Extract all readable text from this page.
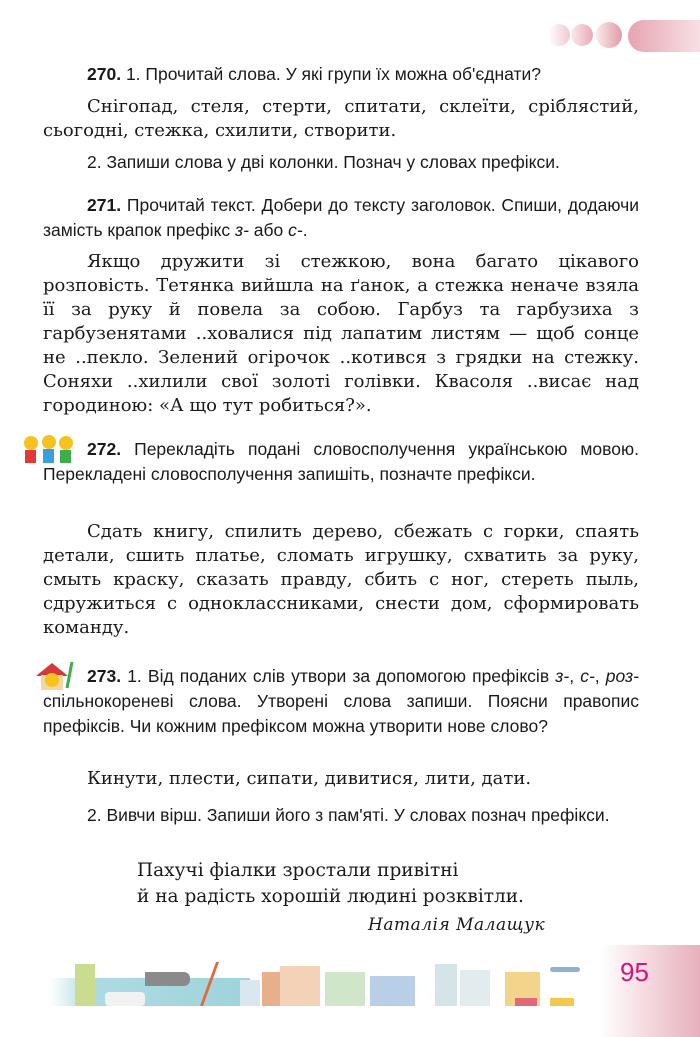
270. 1. Прочитай слова. У які групи їх можна об'єднати?
Снігопад, стеля, стерти, спитати, склеїти, сріблястий, сьогодні, стежка, схилити, створити.
2. Запиши слова у дві колонки. Познач у словах префікси.
271. Прочитай текст. Добери до тексту заголовок. Спиши, додаючи замість крапок префікс з- або с-.
Якщо дружити зі стежкою, вона багато цікавого розповість. Тетянка вийшла на ґанок, а стежка неначе взяла її за руку й повела за собою. Гарбуз та гарбузиха з гарбузенятами ..ховалися під лапатим листям — щоб сонце не ..пекло. Зелений огірочок ..котився з грядки на стежку. Соняхи ..хилили свої золоті голівки. Квасоля ..висає над городиною: «А що тут робиться?».
272. Перекладіть подані словосполучення українською мовою. Перекладені словосполучення запишіть, позначте префікси.
Сдать книгу, спилить дерево, сбежать с горки, спаять детали, сшить платье, сломать игрушку, схватить за руку, смыть краску, сказать правду, сбить с ног, стереть пыль, сдружиться с одноклассниками, снести дом, сформировать команду.
273. 1. Від поданих слів утвори за допомогою префіксів з-, с-, роз- спільнокореневі слова. Утворені слова запиши. Поясни правопис префіксів. Чи кожним префіксом можна утворити нове слово?
Кинути, плести, сипати, дивитися, лити, дати.
2. Вивчи вірш. Запиши його з пам'яті. У словах познач префікси.
Пахучі фіалки зростали привітні
й на радість хорошій людині розквітли.
Наталія Малащук
95
